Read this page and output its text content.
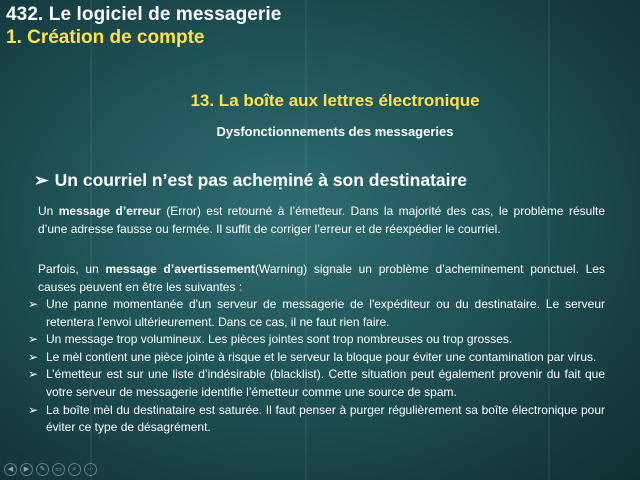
432. Le logiciel de messagerie
1. Création de compte
13. La boîte aux lettres électronique
Dysfonctionnements des messageries
➢ Un courriel n’est pas acheṃiné à son destinataire
Un message d’erreur (Error) est retourné à l’émetteur. Dans la majorité des cas, le problème résulte d’une adresse fausse ou fermée. Il suffit de corriger l’erreur et de réexpédier le courriel.
Parfois, un message d’avertissement(Warning) signale un problème d’acheminement ponctuel. Les causes peuvent en être les suivantes :
➢ Une panne momentanée d'un serveur de messagerie de l'expéditeur ou du destinataire. Le serveur retentera l’envoi ultérieurement. Dans ce cas, il ne faut rien faire.
➢ Un message trop volumineux. Les pièces jointes sont trop nombreuses ou trop grosses.
➢ Le mèl contient une pièce jointe à risque et le serveur la bloque pour éviter une contamination par virus.
➢ L’émetteur est sur une liste d’indésirable (blacklist). Cette situation peut également provenir du fait que votre serveur de messagerie identifie l’émetteur comme une source de spam.
➢ La boîte mèl du destinataire est saturée. Il faut penser à purger régulièrement sa boîte électronique pour éviter ce type de désagrément.
◀	▶	✎	▭	⌕	⋯
